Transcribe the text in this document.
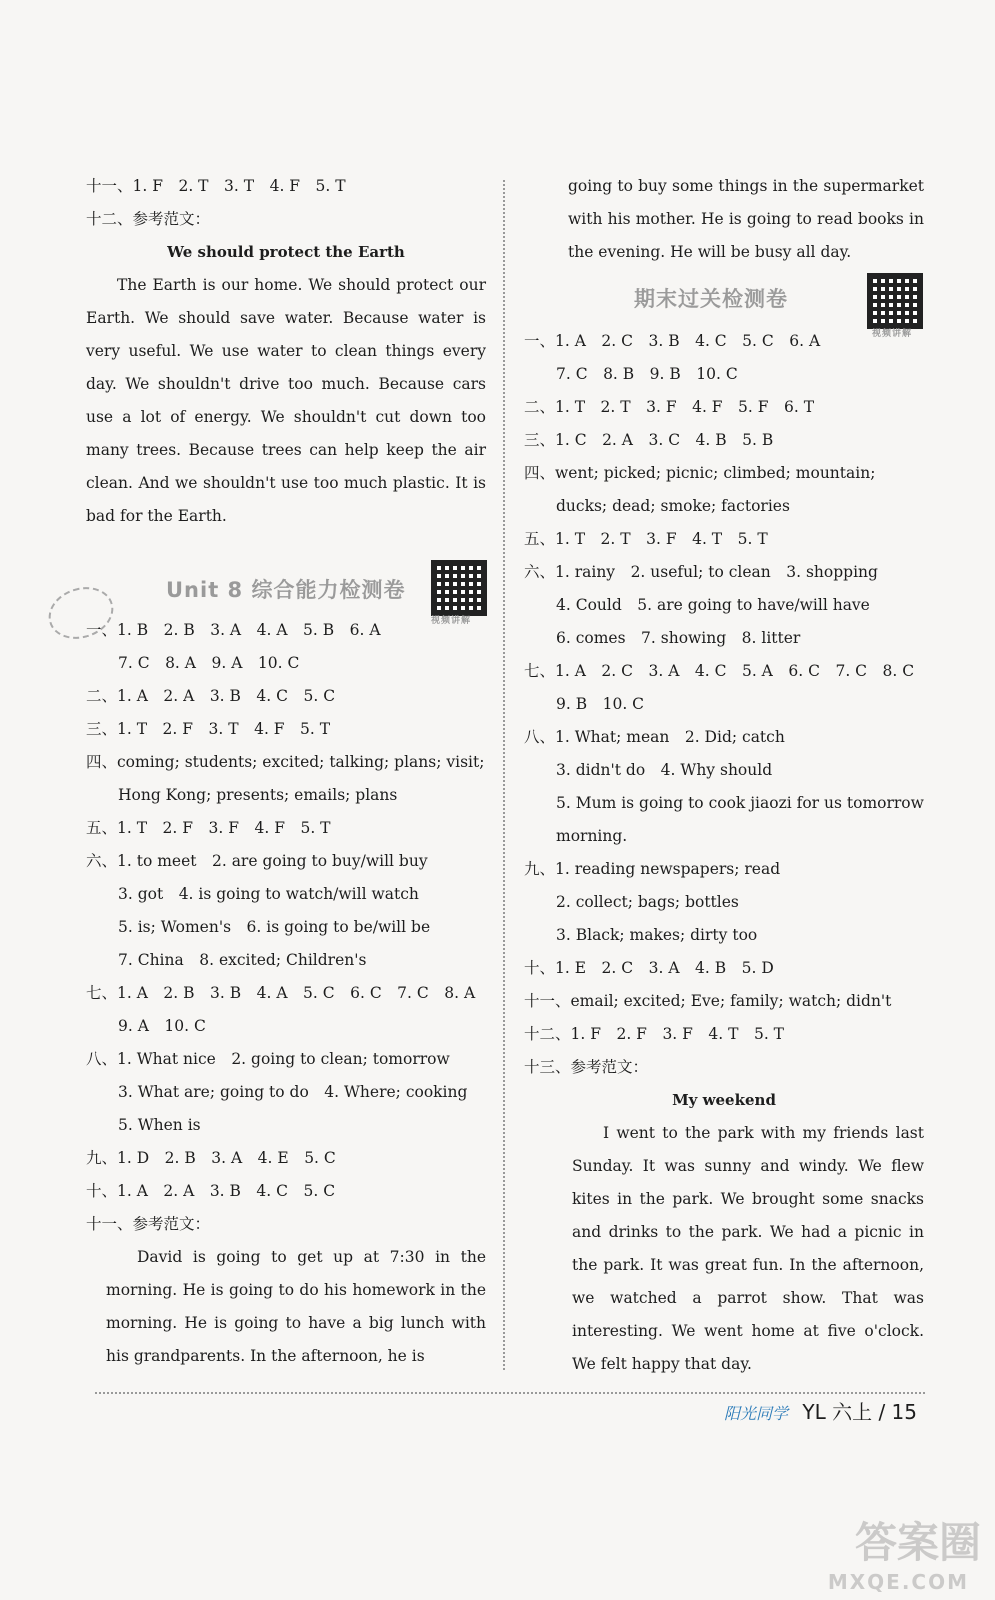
十一、1. F　2. T　3. T　4. F　5. T
十二、参考范文：
We should protect the Earth
The Earth is our home. We should protect our Earth. We should save water. Because water is very useful. We use water to clean things every day. We shouldn't drive too much. Because cars use a lot of energy. We shouldn't cut down too many trees. Because trees can help keep the air clean. And we shouldn't use too much plastic. It is bad for the Earth.
Unit 8 综合能力检测卷
视频讲解
一、1. B　2. B　3. A　4. A　5. B　6. A
7. C　8. A　9. A　10. C
二、1. A　2. A　3. B　4. C　5. C
三、1. T　2. F　3. T　4. F　5. T
四、coming; students; excited; talking; plans; visit;
Hong Kong; presents; emails; plans
五、1. T　2. F　3. F　4. F　5. T
六、1. to meet　2. are going to buy/will buy
3. got　4. is going to watch/will watch
5. is; Women's　6. is going to be/will be
7. China　8. excited; Children's
七、1. A　2. B　3. B　4. A　5. C　6. C　7. C　8. A
9. A　10. C
八、1. What nice　2. going to clean; tomorrow
3. What are; going to do　4. Where; cooking
5. When is
九、1. D　2. B　3. A　4. E　5. C
十、1. A　2. A　3. B　4. C　5. C
十一、参考范文：
David is going to get up at 7:30 in the morning. He is going to do his homework in the morning. He is going to have a big lunch with his grandparents. In the afternoon, he is
going to buy some things in the supermarket with his mother. He is going to read books in the evening. He will be busy all day.
期末过关检测卷
视频讲解
一、1. A　2. C　3. B　4. C　5. C　6. A
7. C　8. B　9. B　10. C
二、1. T　2. T　3. F　4. F　5. F　6. T
三、1. C　2. A　3. C　4. B　5. B
四、went; picked; picnic; climbed; mountain;
ducks; dead; smoke; factories
五、1. T　2. T　3. F　4. T　5. T
六、1. rainy　2. useful; to clean　3. shopping
4. Could　5. are going to have/will have
6. comes　7. showing　8. litter
七、1. A　2. C　3. A　4. C　5. A　6. C　7. C　8. C
9. B　10. C
八、1. What; mean　2. Did; catch
3. didn't do　4. Why should
5. Mum is going to cook jiaozi for us tomorrow
morning.
九、1. reading newspapers; read
2. collect; bags; bottles
3. Black; makes; dirty too
十、1. E　2. C　3. A　4. B　5. D
十一、email; excited; Eve; family; watch; didn't
十二、1. F　2. F　3. F　4. T　5. T
十三、参考范文：
My weekend
I went to the park with my friends last Sunday. It was sunny and windy. We flew kites in the park. We brought some snacks and drinks to the park. We had a picnic in the park. It was great fun. In the afternoon, we watched a parrot show. That was interesting. We went home at five o'clock. We felt happy that day.
阳光同学 YL 六上 / 15
答案圈
MXQE.COM
